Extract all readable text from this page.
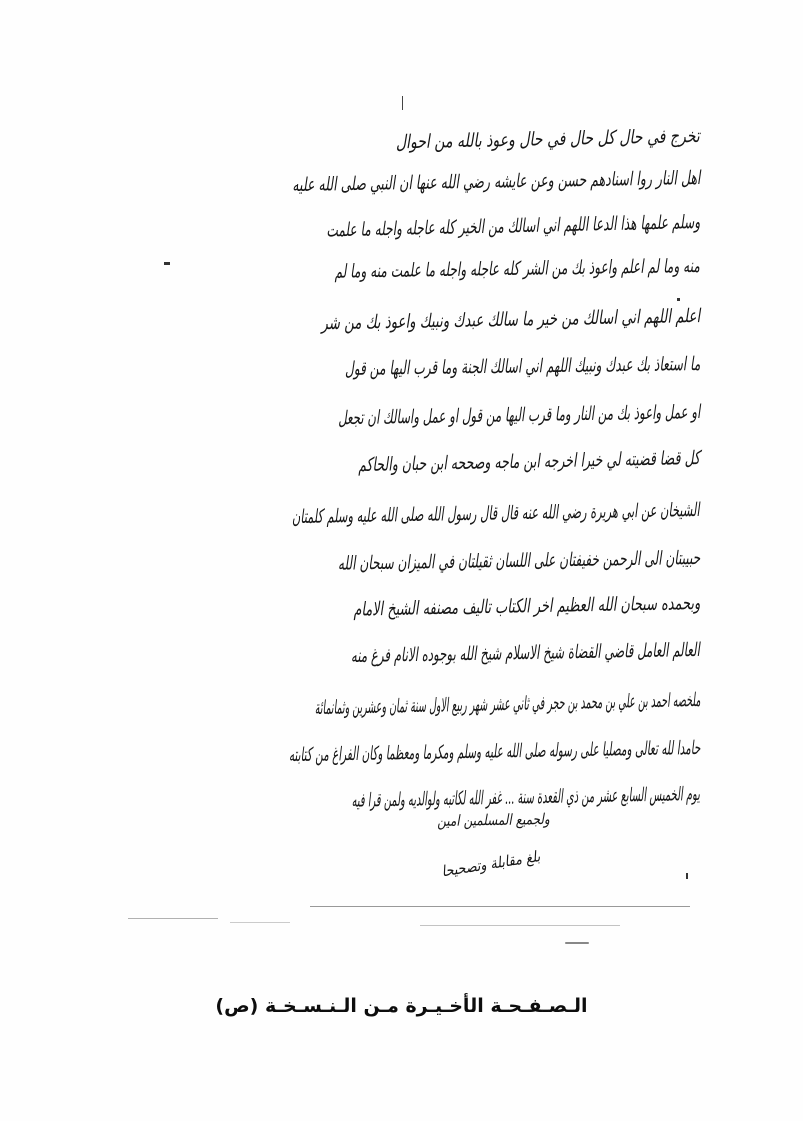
تخرج في حال كل حال في حال وعوذ بالله من احوال
اهل النار روا اسنادهم حسن وعن عايشه رضي الله عنها ان النبي صلى الله عليه
وسلم علمها هذا الدعا اللهم اني اسالك من الخير كله عاجله واجله ما علمت
منه وما لم اعلم واعوذ بك من الشر كله عاجله واجله ما علمت منه وما لم
اعلم اللهم اني اسالك من خير ما سالك عبدك ونبيك واعوذ بك من شر
ما استعاذ بك عبدك ونبيك اللهم اني اسالك الجنة وما قرب اليها من قول
او عمل واعوذ بك من النار وما قرب اليها من قول او عمل واسالك ان تجعل
كل قضا قضيته لي خيرا اخرجه ابن ماجه وصححه ابن حبان والحاكم
الشيخان عن ابي هريرة رضي الله عنه قال قال رسول الله صلى الله عليه وسلم كلمتان
حبيبتان الى الرحمن خفيفتان على اللسان ثقيلتان في الميزان سبحان الله
وبحمده سبحان الله العظيم اخر الكتاب تاليف مصنفه الشيخ الامام
العالم العامل قاضي القضاة شيخ الاسلام شيخ الله بوجوده الانام فرغ منه
ملخصه احمد بن علي بن محمد بن حجر في ثاني عشر شهر ربيع الاول سنة ثمان وعشرين وثمانمائة
حامدا لله تعالى ومصليا على رسوله صلى الله عليه وسلم ومكرما ومعظما وكان الفراغ من كتابته
يوم الخميس السابع عشر من ذي القعدة سنة ... غفر الله لكاتبه ولوالديه ولمن قرا فيه
ولجميع المسلمين امين
بلغ مقابلة وتصحيحا
الـصـفـحـة الأخـيـرة مـن الـنـسـخـة (ص)
